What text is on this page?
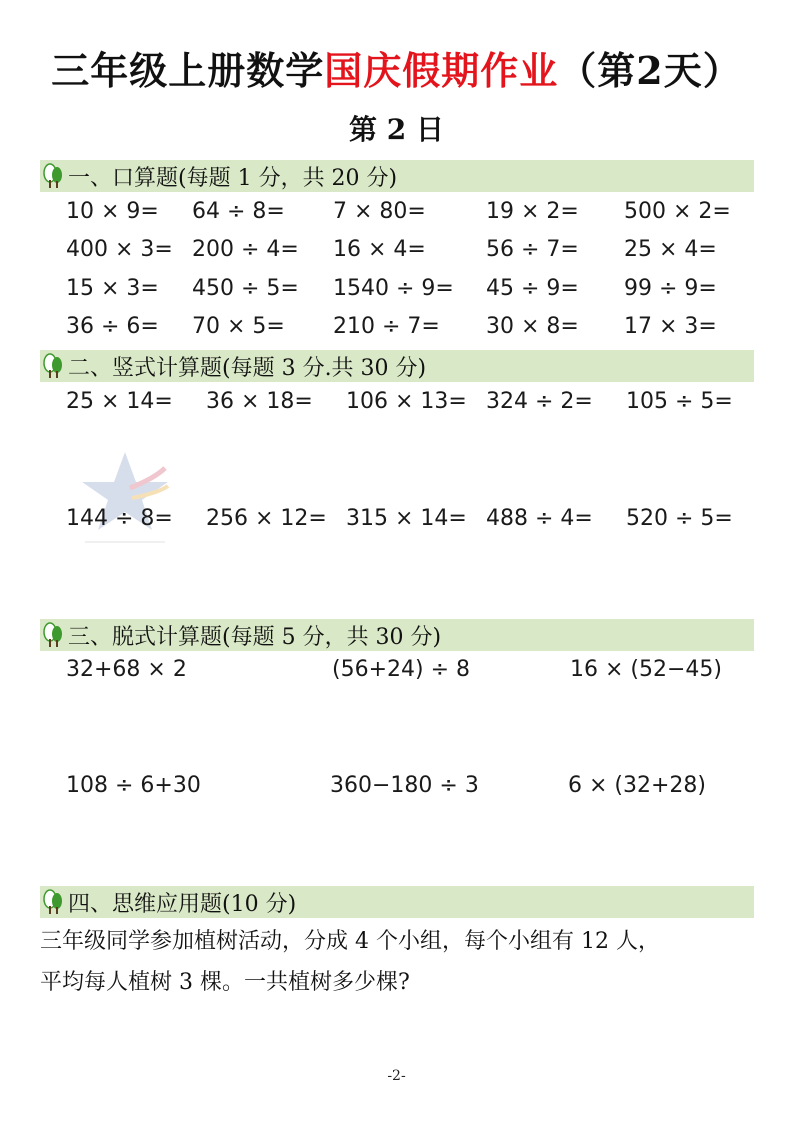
三年级上册数学国庆假期作业（第2天）
第 2 日
一、口算题(每题 1 分，共 20 分)
10 × 9= 64 ÷ 8= 7 × 80=	19 × 2= 500 × 2=
400 × 3= 200 ÷ 4= 16 × 4=	56 ÷ 7= 25 × 4=
15 × 3= 450 ÷ 5= 1540 ÷ 9= 45 ÷ 9= 99 ÷ 9=
36 ÷ 6= 70 × 5= 210 ÷ 7= 30 × 8= 17 × 3=
二、竖式计算题(每题 3 分.共 30 分)
25 × 14= 36 × 18= 106 × 13= 324 ÷ 2= 105 ÷ 5=
144 ÷ 8= 256 × 12= 315 × 14= 488 ÷ 4= 520 ÷ 5=
三、脱式计算题(每题 5 分，共 30 分)
32+68 × 2	(56+24) ÷ 8	16 × (52−45)
108 ÷ 6+30	360−180 ÷ 3	6 × (32+28)
四、思维应用题(10 分)
三年级同学参加植树活动，分成 4 个小组，每个小组有 12 人，
平均每人植树 3 棵。一共植树多少棵?
-2-
